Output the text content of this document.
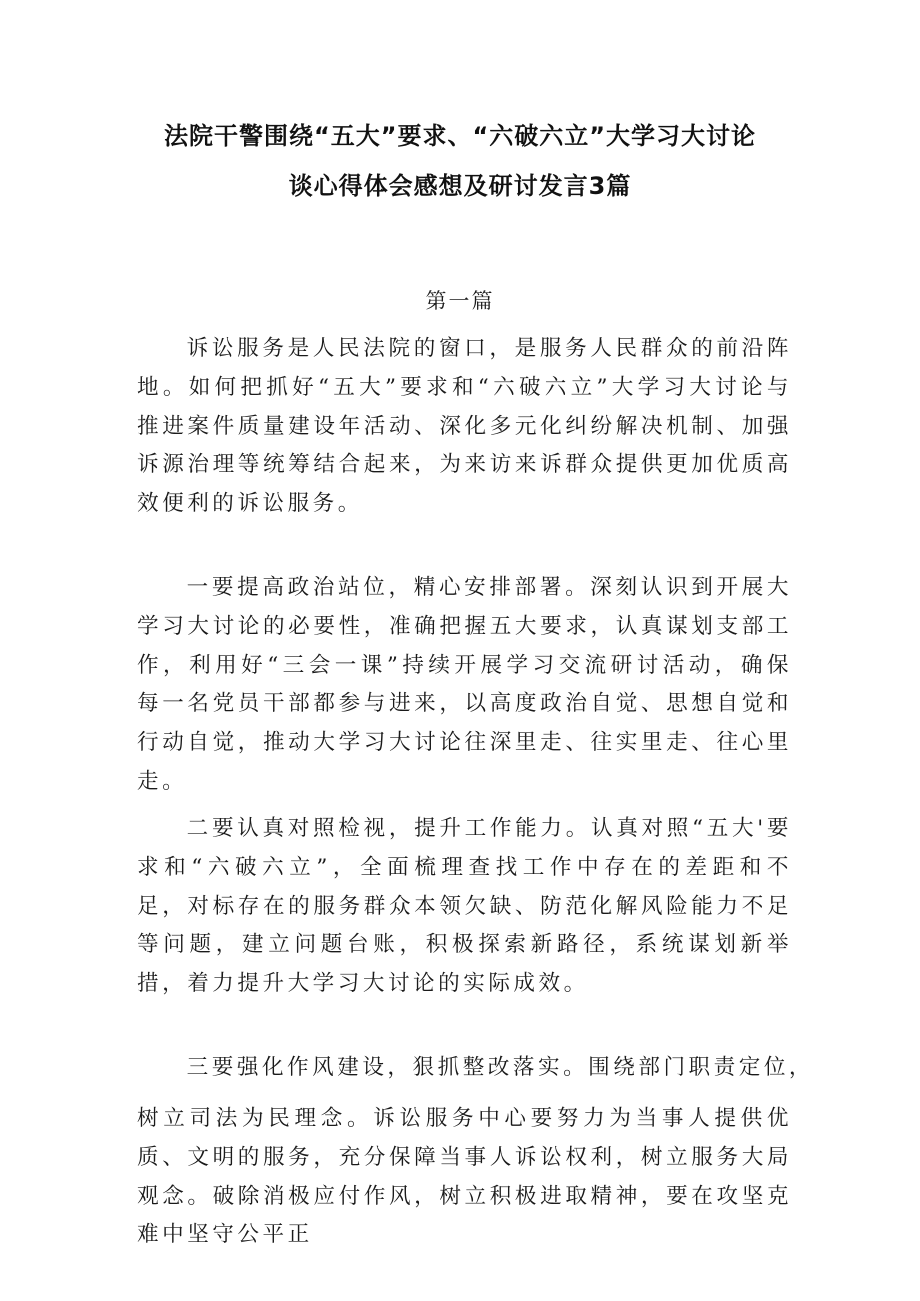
法院干警围绕“五大”要求、“六破六立”大学习大讨论
谈心得体会感想及研讨发言3篇
第一篇

诉讼服务是人民法院的窗口，是服务人民群众的前沿阵地。如何把抓好“五大”要求和“六破六立”大学习大讨论与推进案件质量建设年活动、深化多元化纠纷解决机制、加强诉源治理等统筹结合起来，为来访来诉群众提供更加优质高效便利的诉讼服务。

一要提高政治站位，精心安排部署。深刻认识到开展大学习大讨论的必要性，准确把握五大要求，认真谋划支部工作，利用好“三会一课”持续开展学习交流研讨活动，确保每一名党员干部都参与进来，以高度政治自觉、思想自觉和行动自觉，推动大学习大讨论往深里走、往实里走、往心里走。

二要认真对照检视，提升工作能力。认真对照“五大'要求和“六破六立”，全面梳理查找工作中存在的差距和不足，对标存在的服务群众本领欠缺、防范化解风险能力不足等问题，建立问题台账，积极探索新路径，系统谋划新举措，着力提升大学习大讨论的实际成效。

三要强化作风建设，狠抓整改落实。围绕部门职责定位，

树立司法为民理念。诉讼服务中心要努力为当事人提供优质、文明的服务，充分保障当事人诉讼权利，树立服务大局观念。破除消极应付作风，树立积极进取精神，要在攻坚克难中坚守公平正
